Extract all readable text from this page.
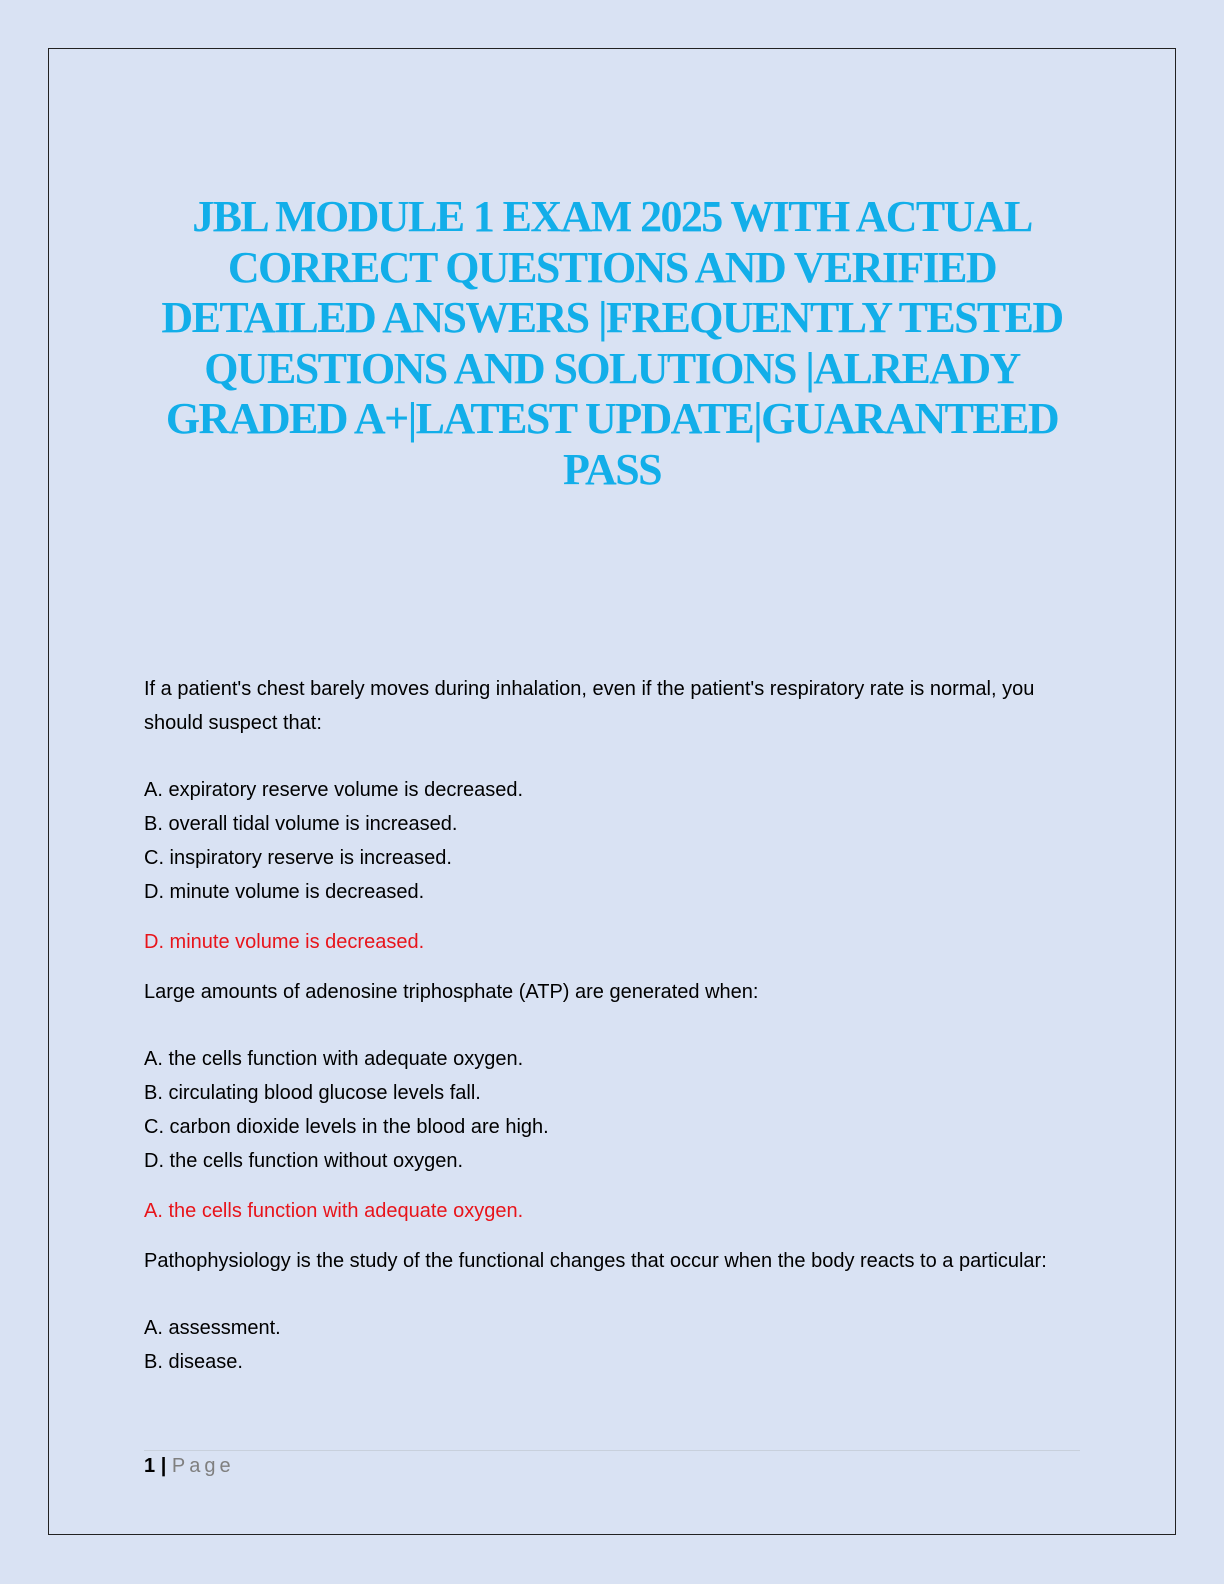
JBL MODULE 1 EXAM 2025 WITH ACTUAL CORRECT QUESTIONS AND VERIFIED DETAILED ANSWERS |FREQUENTLY TESTED QUESTIONS AND SOLUTIONS |ALREADY GRADED A+|LATEST UPDATE|GUARANTEED PASS

If a patient's chest barely moves during inhalation, even if the patient's respiratory rate is normal, you should suspect that:

A. expiratory reserve volume is decreased.

B. overall tidal volume is increased.

C. inspiratory reserve is increased.

D. minute volume is decreased.

D. minute volume is decreased.

Large amounts of adenosine triphosphate (ATP) are generated when:

A. the cells function with adequate oxygen.

B. circulating blood glucose levels fall.

C. carbon dioxide levels in the blood are high.

D. the cells function without oxygen.

A. the cells function with adequate oxygen.

Pathophysiology is the study of the functional changes that occur when the body reacts to a particular:

A. assessment.

B. disease.

1 | Page
